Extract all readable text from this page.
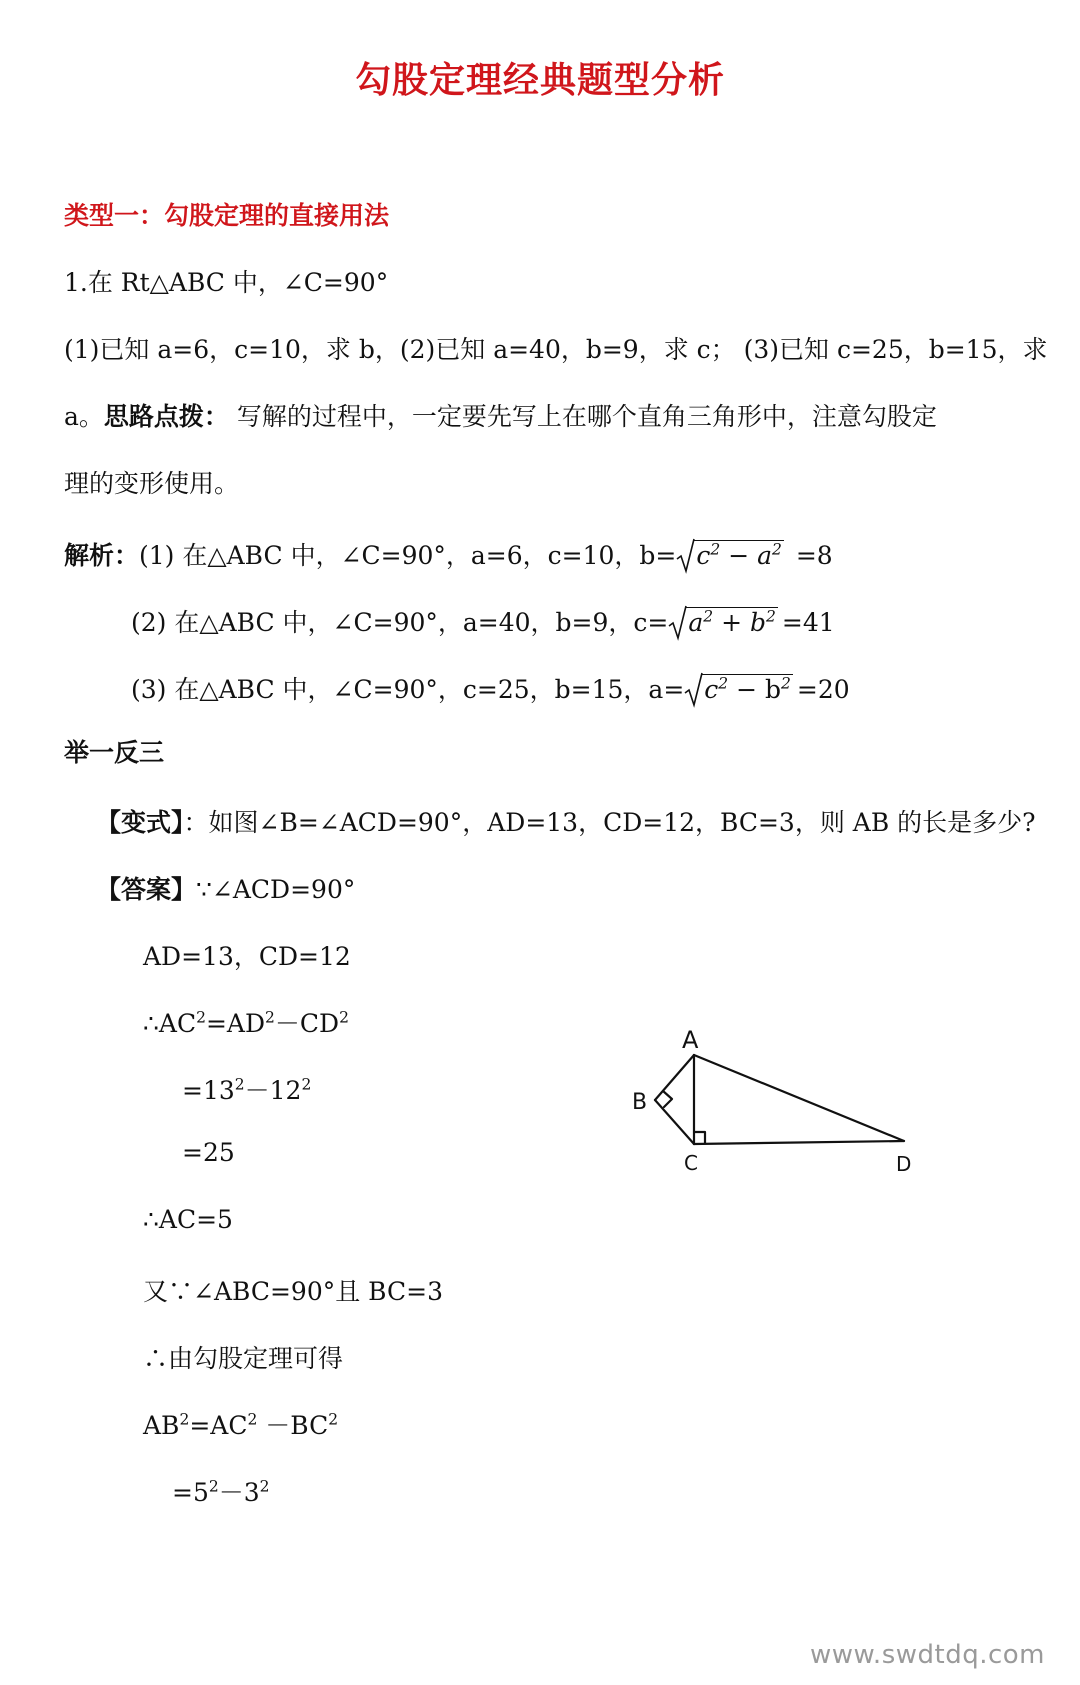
勾股定理经典题型分析
类型一：勾股定理的直接用法
1.在 Rt△ABC 中，∠C=90°
(1)已知 a=6，c=10，求 b，(2)已知 a=40，b=9，求 c； (3)已知 c=25，b=15，求
a。思路点拨： 写解的过程中，一定要先写上在哪个直角三角形中，注意勾股定
理的变形使用。
解析：(1) 在△ABC 中，∠C=90°，a=6，c=10，$b= c^2 - a^2 =8$
(2) 在△ABC 中，∠C=90°，a=40，b=9，$c= a^2 + b^2 =41$
(3) 在△ABC 中，∠C=90°，c=25，b=15，$a= c^2 - b^2 =20$
举一反三
【变式】：如图∠B=∠ACD=90°，AD=13，CD=12，BC=3，则 AB 的长是多少?
【答案】∵∠ACD=90°
AD=13，CD=12
$\therefore AC^2=AD^2-CD^2$
$=13^2-12^2$
=25
∴AC=5
又∵∠ABC=90°且 BC=3
∴由勾股定理可得
$AB^2=AC^2 -BC^2$
$=5^2-3^2$
A
B
C	D
www.swdtdq.com
